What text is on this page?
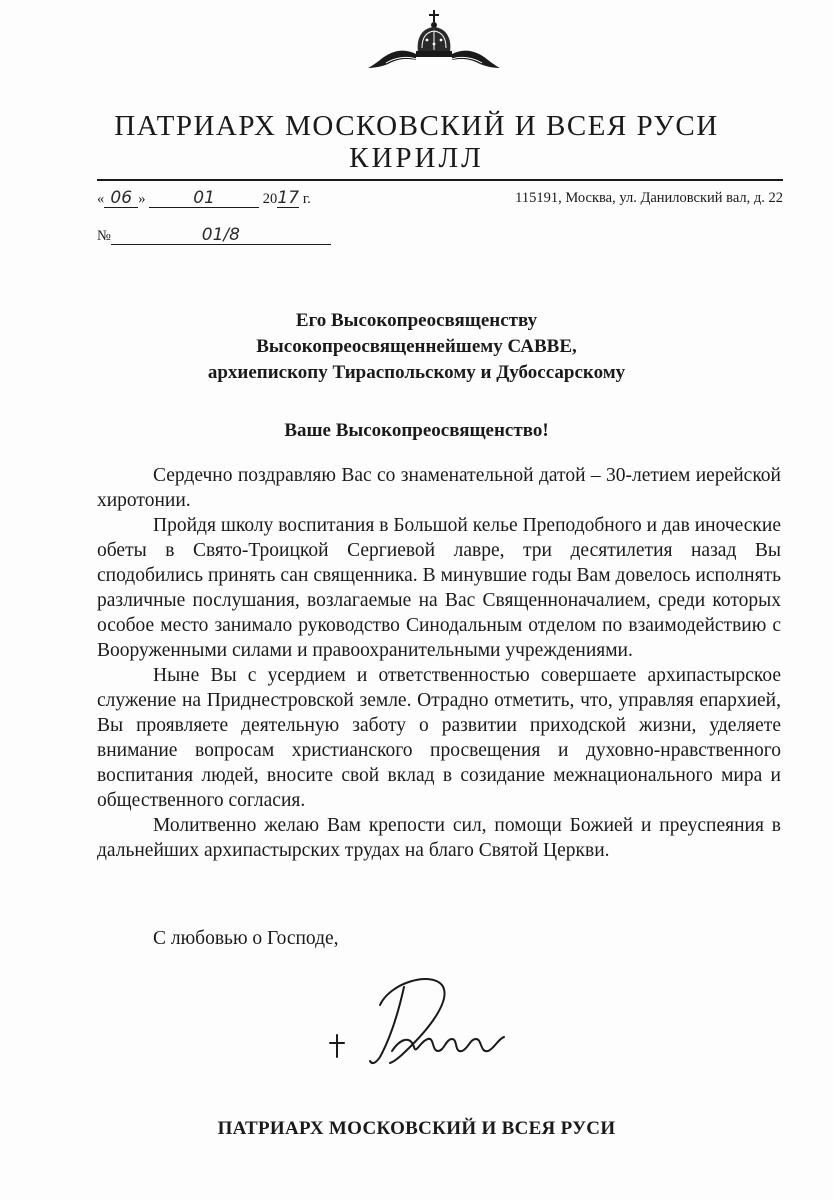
ПАТРИАРХ МОСКОВСКИЙ И ВСЕЯ РУСИ
КИРИЛЛ
« 06 »	01	2017 г.	115191, Москва, ул. Даниловский вал, д. 22
№	01/8
Его Высокопреосвященству
Высокопреосвященнейшему САВВЕ,
архиепископу Тираспольскому и Дубоссарскому
Ваше Высокопреосвященство!

Сердечно поздравляю Вас со знаменательной датой – 30-летием иерейской хиротонии.

Пройдя школу воспитания в Большой келье Преподобного и дав иноческие обеты в Свято-Троицкой Сергиевой лавре, три десятилетия назад Вы сподобились принять сан священника. В минувшие годы Вам довелось исполнять различные послушания, возлагаемые на Вас Священноначалием, среди которых особое место занимало руководство Синодальным отделом по взаимодействию с Вооруженными силами и правоохранительными учреждениями.

Ныне Вы с усердием и ответственностью совершаете архипастырское служение на Приднестровской земле. Отрадно отметить, что, управляя епархией, Вы проявляете деятельную заботу о развитии приходской жизни, уделяете внимание вопросам христианского просвещения и духовно-нравственного воспитания людей, вносите свой вклад в созидание межнационального мира и общественного согласия.

Молитвенно желаю Вам крепости сил, помощи Божией и преуспеяния в дальнейших архипастырских трудах на благо Святой Церкви.

С любовью о Господе,
ПАТРИАРХ МОСКОВСКИЙ И ВСЕЯ РУСИ
